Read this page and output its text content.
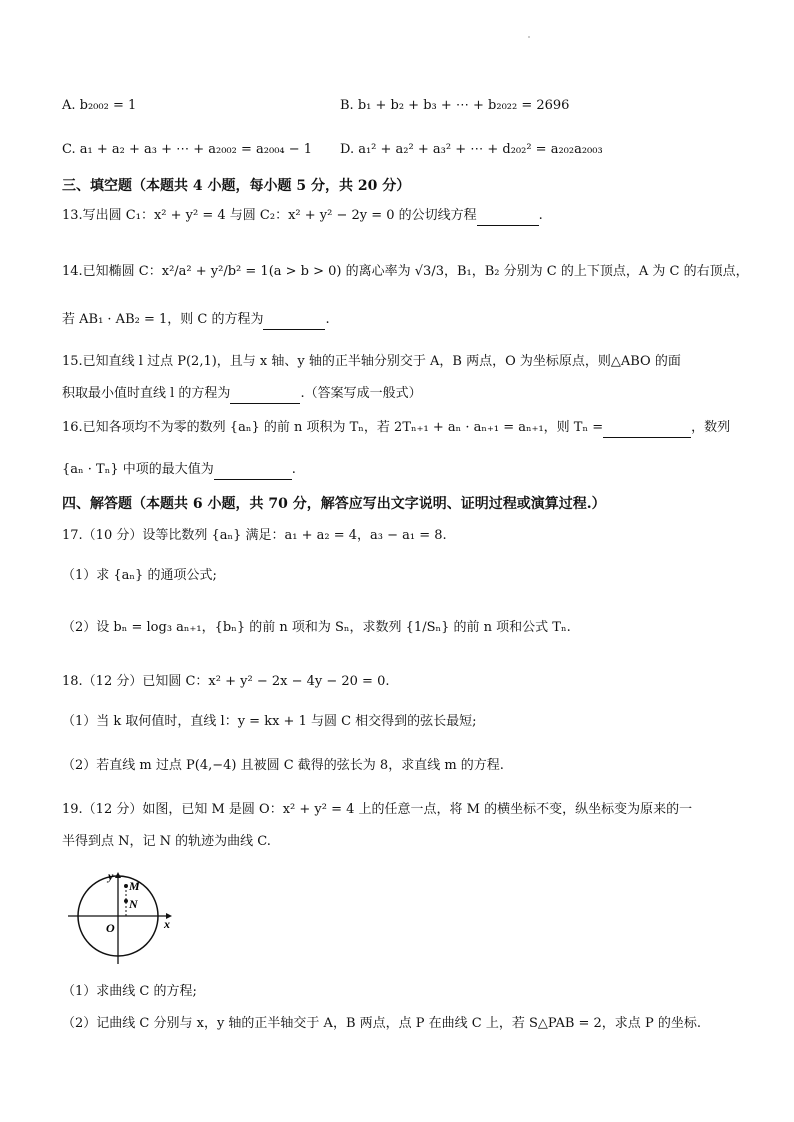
A. b₂₀₀₂ = 1	B. b₁ + b₂ + b₃ + ⋯ + b₂₀₂₂ = 2696
C. a₁ + a₂ + a₃ + ⋯ + a₂₀₀₂ = a₂₀₀₄ − 1 D. a₁² + a₂² + a₃² + ⋯ + d₂₀₂² = a₂₀₂a₂₀₀₃
三、填空题（本题共 4 小题，每小题 5 分，共 20 分）
13.写出圆 C₁：x² + y² = 4 与圆 C₂：x² + y² − 2y = 0 的公切线方程	.
14.已知椭圆 C：x²/a² + y²/b² = 1(a > b > 0) 的离心率为 √3/3，B₁，B₂ 分别为 C 的上下顶点，A 为 C 的右顶点，
若 AB₁ · AB₂ = 1，则 C 的方程为	.
15.已知直线 l 过点 P(2,1)，且与 x 轴、y 轴的正半轴分别交于 A，B 两点，O 为坐标原点，则△ABO 的面
积取最小值时直线 l 的方程为	.（答案写成一般式）
16.已知各项均不为零的数列 {aₙ} 的前 n 项积为 Tₙ，若 2Tₙ₊₁ + aₙ · aₙ₊₁ = aₙ₊₁，则 Tₙ =	，数列
{aₙ · Tₙ} 中项的最大值为	.
四、解答题（本题共 6 小题，共 70 分，解答应写出文字说明、证明过程或演算过程.）
17.（10 分）设等比数列 {aₙ} 满足：a₁ + a₂ = 4，a₃ − a₁ = 8.
（1）求 {aₙ} 的通项公式;
（2）设 bₙ = log₃ aₙ₊₁，{bₙ} 的前 n 项和为 Sₙ，求数列 {1/Sₙ} 的前 n 项和公式 Tₙ.
18.（12 分）已知圆 C：x² + y² − 2x − 4y − 20 = 0.
（1）当 k 取何值时，直线 l：y = kx + 1 与圆 C 相交得到的弦长最短;
（2）若直线 m 过点 P(4,−4) 且被圆 C 截得的弦长为 8，求直线 m 的方程.
19.（12 分）如图，已知 M 是圆 O：x² + y² = 4 上的任意一点，将 M 的横坐标不变，纵坐标变为原来的一
半得到点 N，记 N 的轨迹为曲线 C.
y
x
O
M
N
（1）求曲线 C 的方程;
（2）记曲线 C 分别与 x，y 轴的正半轴交于 A，B 两点，点 P 在曲线 C 上，若 S△PAB = 2，求点 P 的坐标.
